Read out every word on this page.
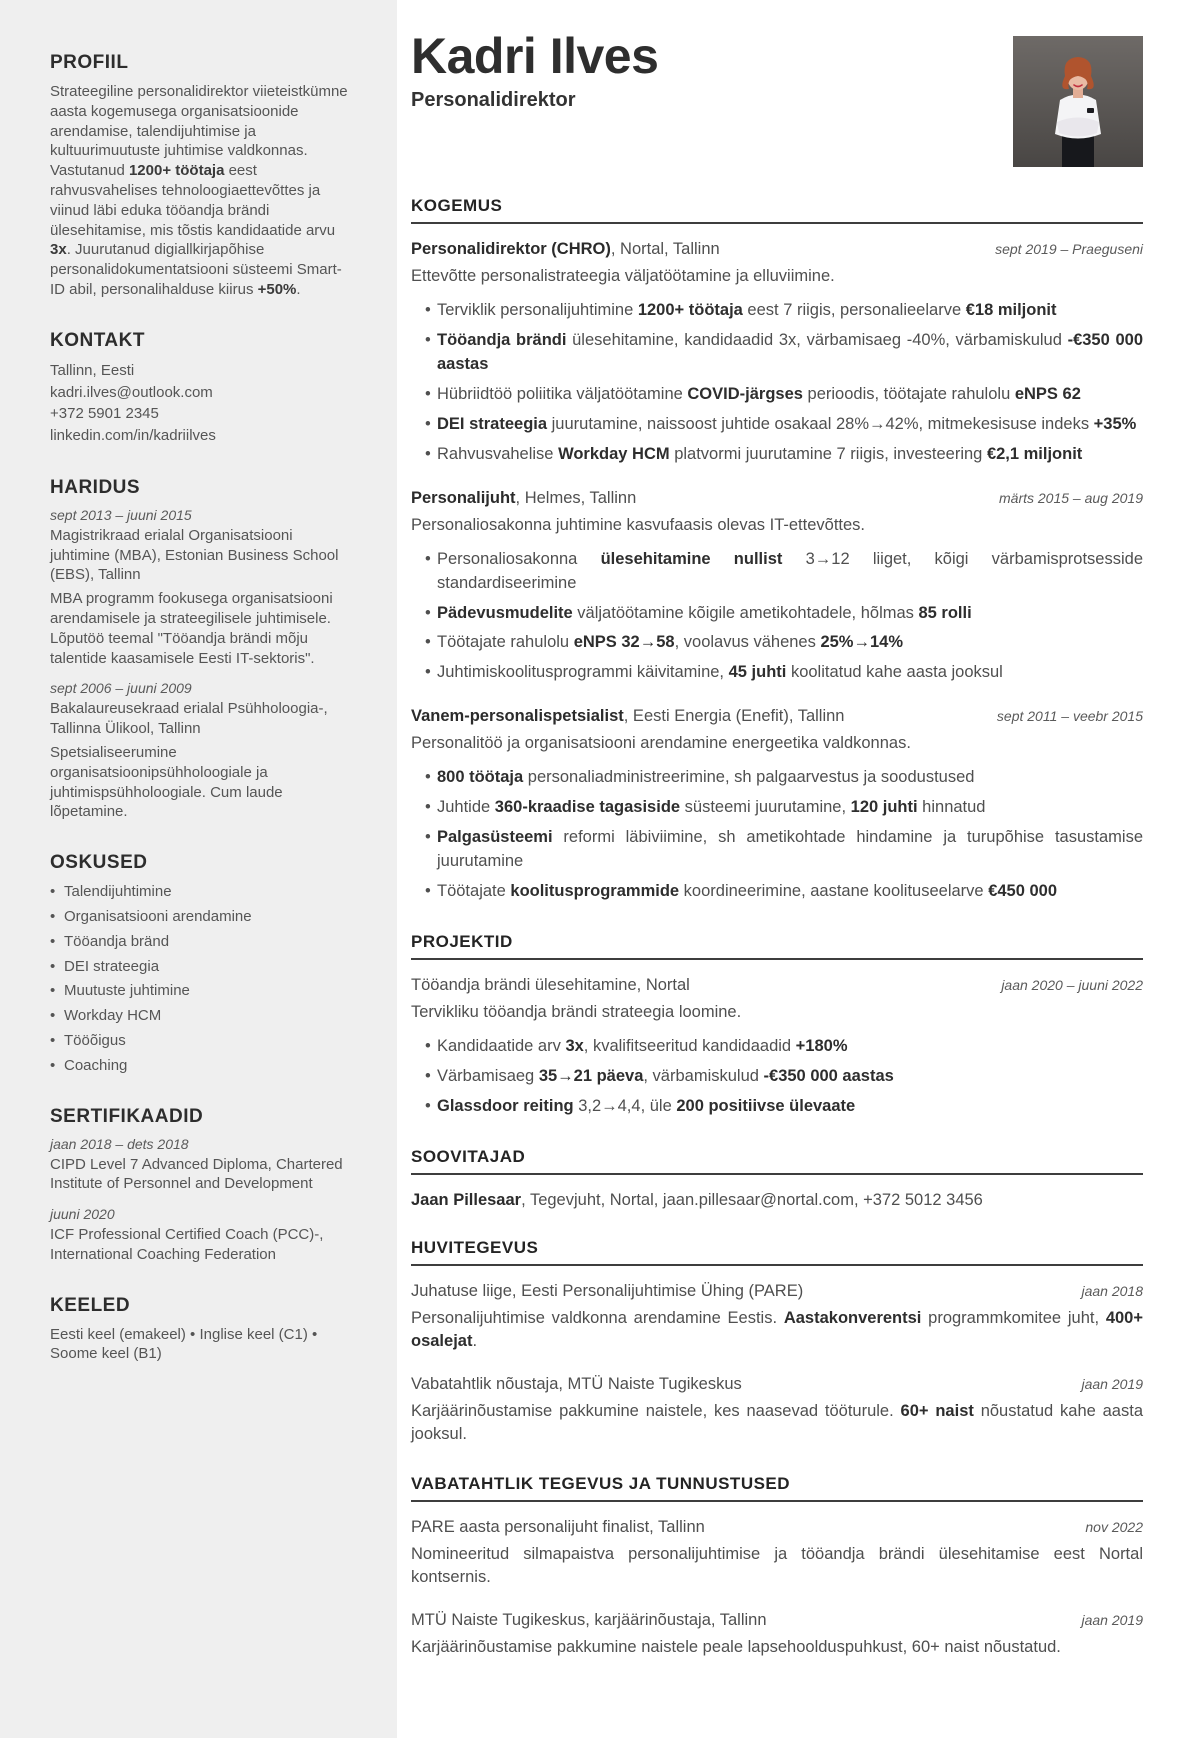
PROFIIL
Strateegiline personalidirektor viieteistkümne aasta kogemusega organisatsioonide arendamise, talendijuhtimise ja kultuurimuutuste juhtimise valdkonnas. Vastutanud 1200+ töötaja eest rahvusvahelises tehnoloogiaettevõttes ja viinud läbi eduka tööandja brändi ülesehitamise, mis tõstis kandidaatide arvu 3x. Juurutanud digiallkirjapõhise personalidokumentatsiooni süsteemi Smart-ID abil, personalihalduse kiirus +50%.
KONTAKT
Tallinn, Eesti
kadri.ilves@outlook.com
+372 5901 2345
linkedin.com/in/kadriilves
HARIDUS
sept 2013 – juuni 2015
Magistrikraad erialal Organisatsiooni juhtimine (MBA), Estonian Business School (EBS), Tallinn
MBA programm fookusega organisatsiooni arendamisele ja strateegilisele juhtimisele. Lõputöö teemal "Tööandja brändi mõju talentide kaasamisele Eesti IT-sektoris".
sept 2006 – juuni 2009
Bakalaureusekraad erialal Psühholoogia-, Tallinna Ülikool, Tallinn
Spetsialiseerumine organisatsioonipsühholoogiale ja juhtimispsühholoogiale. Cum laude lõpetamine.
OSKUSED
• Talendijuhtimine
• Organisatsiooni arendamine
• Tööandja bränd
• DEI strateegia
• Muutuste juhtimine
• Workday HCM
• Tööõigus
• Coaching
SERTIFIKAADID
jaan 2018 – dets 2018
CIPD Level 7 Advanced Diploma, Chartered Institute of Personnel and Development
juuni 2020
ICF Professional Certified Coach (PCC)-, International Coaching Federation
KEELED
Eesti keel (emakeel) • Inglise keel (C1) • Soome keel (B1)
Kadri Ilves
Personalidirektor
KOGEMUS
Personalidirektor (CHRO), Nortal, Tallinn	sept 2019 – Praeguseni
Ettevõtte personalistrateegia väljatöötamine ja elluviimine.
• Terviklik personalijuhtimine 1200+ töötaja eest 7 riigis, personalieelarve €18 miljonit
• Tööandja brändi ülesehitamine, kandidaadid 3x, värbamisaeg -40%, värbamiskulud -€350 000 aastas
• Hübriidtöö poliitika väljatöötamine COVID-järgses perioodis, töötajate rahulolu eNPS 62
• DEI strateegia juurutamine, naissoost juhtide osakaal 28%→42%, mitmekesisuse indeks +35%
• Rahvusvahelise Workday HCM platvormi juurutamine 7 riigis, investeering €2,1 miljonit
Personalijuht, Helmes, Tallinn	märts 2015 – aug 2019
Personaliosakonna juhtimine kasvufaasis olevas IT-ettevõttes.
• Personaliosakonna ülesehitamine nullist 3→12 liiget, kõigi värbamisprotsesside standardiseerimine
• Pädevusmudelite väljatöötamine kõigile ametikohtadele, hõlmas 85 rolli
• Töötajate rahulolu eNPS 32→58, voolavus vähenes 25%→14%
• Juhtimiskoolitusprogrammi käivitamine, 45 juhti koolitatud kahe aasta jooksul
Vanem-personalispetsialist, Eesti Energia (Enefit), Tallinn	sept 2011 – veebr 2015
Personalitöö ja organisatsiooni arendamine energeetika valdkonnas.
• 800 töötaja personaliadministreerimine, sh palgaarvestus ja soodustused
• Juhtide 360-kraadise tagasiside süsteemi juurutamine, 120 juhti hinnatud
• Palgasüsteemi reformi läbiviimine, sh ametikohtade hindamine ja turupõhise tasustamise juurutamine
• Töötajate koolitusprogrammide koordineerimine, aastane koolituseelarve €450 000
PROJEKTID
Tööandja brändi ülesehitamine, Nortal	jaan 2020 – juuni 2022
Tervikliku tööandja brändi strateegia loomine.
• Kandidaatide arv 3x, kvalifitseeritud kandidaadid +180%
• Värbamisaeg 35→21 päeva, värbamiskulud -€350 000 aastas
• Glassdoor reiting 3,2→4,4, üle 200 positiivse ülevaate
SOOVITAJAD
Jaan Pillesaar, Tegevjuht, Nortal, jaan.pillesaar@nortal.com, +372 5012 3456
HUVITEGEVUS
Juhatuse liige, Eesti Personalijuhtimise Ühing (PARE)	jaan 2018
Personalijuhtimise valdkonna arendamine Eestis. Aastakonverentsi programmkomitee juht, 400+ osalejat.
Vabatahtlik nõustaja, MTÜ Naiste Tugikeskus	jaan 2019
Karjäärinõustamise pakkumine naistele, kes naasevad tööturule. 60+ naist nõustatud kahe aasta jooksul.
VABATAHTLIK TEGEVUS JA TUNNUSTUSED
PARE aasta personalijuht finalist, Tallinn	nov 2022
Nomineeritud silmapaistva personalijuhtimise ja tööandja brändi ülesehitamise eest Nortal kontsernis.
MTÜ Naiste Tugikeskus, karjäärinõustaja, Tallinn	jaan 2019
Karjäärinõustamise pakkumine naistele peale lapsehoolduspuhkust, 60+ naist nõustatud.
